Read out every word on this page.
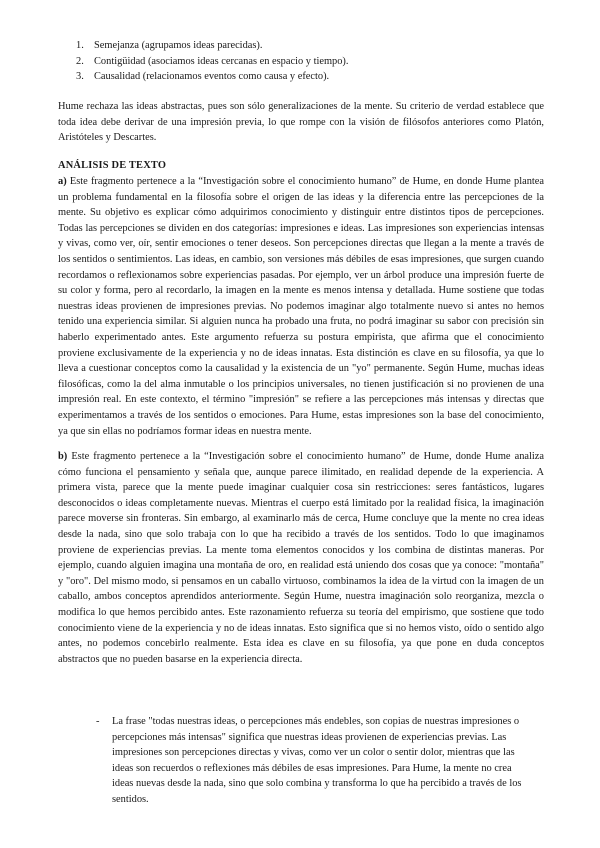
1. Semejanza (agrupamos ideas parecidas).
2. Contigüidad (asociamos ideas cercanas en espacio y tiempo).
3. Causalidad (relacionamos eventos como causa y efecto).

Hume rechaza las ideas abstractas, pues son sólo generalizaciones de la mente. Su criterio de verdad establece que toda idea debe derivar de una impresión previa, lo que rompe con la visión de filósofos anteriores como Platón, Aristóteles y Descartes.

ANÁLISIS DE TEXTO

a) Este fragmento pertenece a la “Investigación sobre el conocimiento humano” de Hume, en donde Hume plantea un problema fundamental en la filosofía sobre el origen de las ideas y la diferencia entre las percepciones de la mente. Su objetivo es explicar cómo adquirimos conocimiento y distinguir entre distintos tipos de percepciones. Todas las percepciones se dividen en dos categorías: impresiones e ideas. Las impresiones son experiencias intensas y vivas, como ver, oír, sentir emociones o tener deseos. Son percepciones directas que llegan a la mente a través de los sentidos o sentimientos. Las ideas, en cambio, son versiones más débiles de esas impresiones, que surgen cuando recordamos o reflexionamos sobre experiencias pasadas. Por ejemplo, ver un árbol produce una impresión fuerte de su color y forma, pero al recordarlo, la imagen en la mente es menos intensa y detallada. Hume sostiene que todas nuestras ideas provienen de impresiones previas. No podemos imaginar algo totalmente nuevo si antes no hemos tenido una experiencia similar. Si alguien nunca ha probado una fruta, no podrá imaginar su sabor con precisión sin haberlo experimentado antes. Este argumento refuerza su postura empirista, que afirma que el conocimiento proviene exclusivamente de la experiencia y no de ideas innatas. Esta distinción es clave en su filosofía, ya que lo lleva a cuestionar conceptos como la causalidad y la existencia de un "yo" permanente. Según Hume, muchas ideas filosóficas, como la del alma inmutable o los principios universales, no tienen justificación si no provienen de una impresión real. En este contexto, el término "impresión" se refiere a las percepciones más intensas y directas que experimentamos a través de los sentidos o emociones. Para Hume, estas impresiones son la base del conocimiento, ya que sin ellas no podríamos formar ideas en nuestra mente.

b) Este fragmento pertenece a la “Investigación sobre el conocimiento humano” de Hume, donde Hume analiza cómo funciona el pensamiento y señala que, aunque parece ilimitado, en realidad depende de la experiencia. A primera vista, parece que la mente puede imaginar cualquier cosa sin restricciones: seres fantásticos, lugares desconocidos o ideas completamente nuevas. Mientras el cuerpo está limitado por la realidad física, la imaginación parece moverse sin fronteras. Sin embargo, al examinarlo más de cerca, Hume concluye que la mente no crea ideas desde la nada, sino que solo trabaja con lo que ha recibido a través de los sentidos. Todo lo que imaginamos proviene de experiencias previas. La mente toma elementos conocidos y los combina de distintas maneras. Por ejemplo, cuando alguien imagina una montaña de oro, en realidad está uniendo dos cosas que ya conoce: "montaña" y "oro". Del mismo modo, si pensamos en un caballo virtuoso, combinamos la idea de la virtud con la imagen de un caballo, ambos conceptos aprendidos anteriormente. Según Hume, nuestra imaginación solo reorganiza, mezcla o modifica lo que hemos percibido antes. Este razonamiento refuerza su teoría del empirismo, que sostiene que todo conocimiento viene de la experiencia y no de ideas innatas. Esto significa que si no hemos visto, oído o sentido algo antes, no podemos concebirlo realmente. Esta idea es clave en su filosofía, ya que pone en duda conceptos abstractos que no pueden basarse en la experiencia directa.

- La frase "todas nuestras ideas, o percepciones más endebles, son copias de nuestras impresiones o percepciones más intensas" significa que nuestras ideas provienen de experiencias previas. Las impresiones son percepciones directas y vivas, como ver un color o sentir dolor, mientras que las ideas son recuerdos o reflexiones más débiles de esas impresiones. Para Hume, la mente no crea ideas nuevas desde la nada, sino que solo combina y transforma lo que ha percibido a través de los sentidos.
